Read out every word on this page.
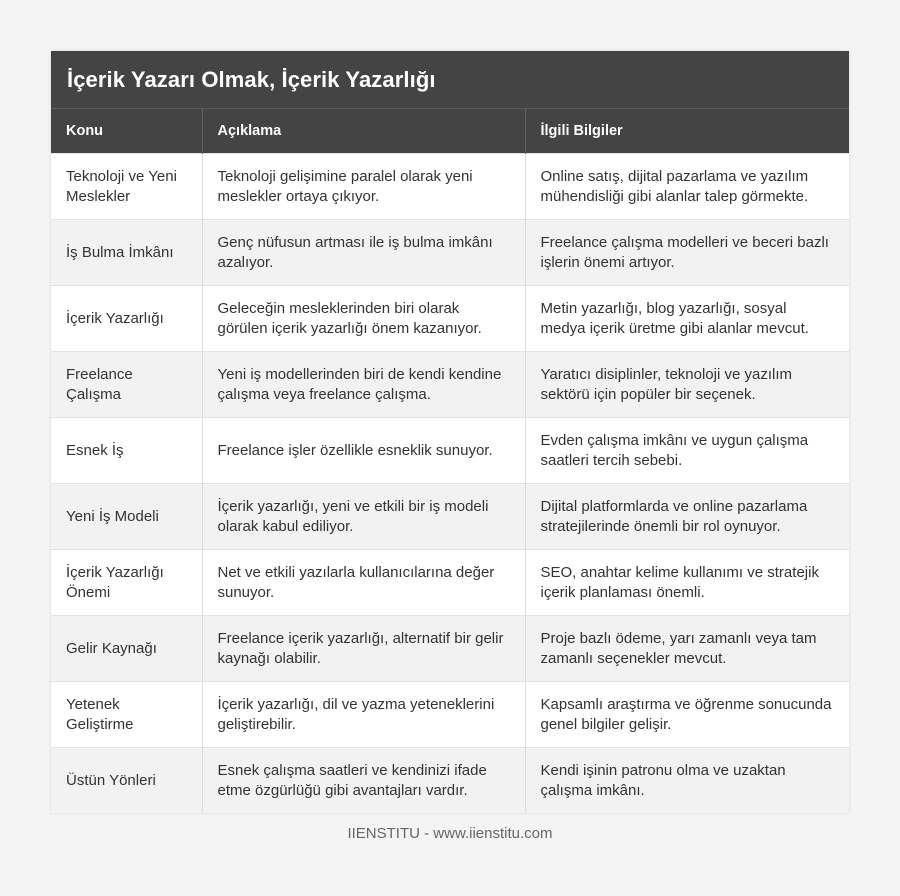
İçerik Yazarı Olmak, İçerik Yazarlığı
Konu	Açıklama	İlgili Bilgiler
Teknoloji ve Yeni Meslekler	Teknoloji gelişimine paralel olarak yeni meslekler ortaya çıkıyor.	Online satış, dijital pazarlama ve yazılım mühendisliği gibi alanlar talep görmekte.
İş Bulma İmkânı	Genç nüfusun artması ile iş bulma imkânı azalıyor.	Freelance çalışma modelleri ve beceri bazlı işlerin önemi artıyor.
İçerik Yazarlığı	Geleceğin mesleklerinden biri olarak görülen içerik yazarlığı önem kazanıyor.	Metin yazarlığı, blog yazarlığı, sosyal medya içerik üretme gibi alanlar mevcut.
Freelance Çalışma	Yeni iş modellerinden biri de kendi kendine çalışma veya freelance çalışma.	Yaratıcı disiplinler, teknoloji ve yazılım sektörü için popüler bir seçenek.
Esnek İş	Freelance işler özellikle esneklik sunuyor.	Evden çalışma imkânı ve uygun çalışma saatleri tercih sebebi.
Yeni İş Modeli	İçerik yazarlığı, yeni ve etkili bir iş modeli olarak kabul ediliyor.	Dijital platformlarda ve online pazarlama stratejilerinde önemli bir rol oynuyor.
İçerik Yazarlığı Önemi	Net ve etkili yazılarla kullanıcılarına değer sunuyor.	SEO, anahtar kelime kullanımı ve stratejik içerik planlaması önemli.
Gelir Kaynağı	Freelance içerik yazarlığı, alternatif bir gelir kaynağı olabilir.	Proje bazlı ödeme, yarı zamanlı veya tam zamanlı seçenekler mevcut.
Yetenek Geliştirme	İçerik yazarlığı, dil ve yazma yeteneklerini geliştirebilir.	Kapsamlı araştırma ve öğrenme sonucunda genel bilgiler gelişir.
Üstün Yönleri	Esnek çalışma saatleri ve kendinizi ifade etme özgürlüğü gibi avantajları vardır.	Kendi işinin patronu olma ve uzaktan çalışma imkânı.
IIENSTITU - www.iienstitu.com
